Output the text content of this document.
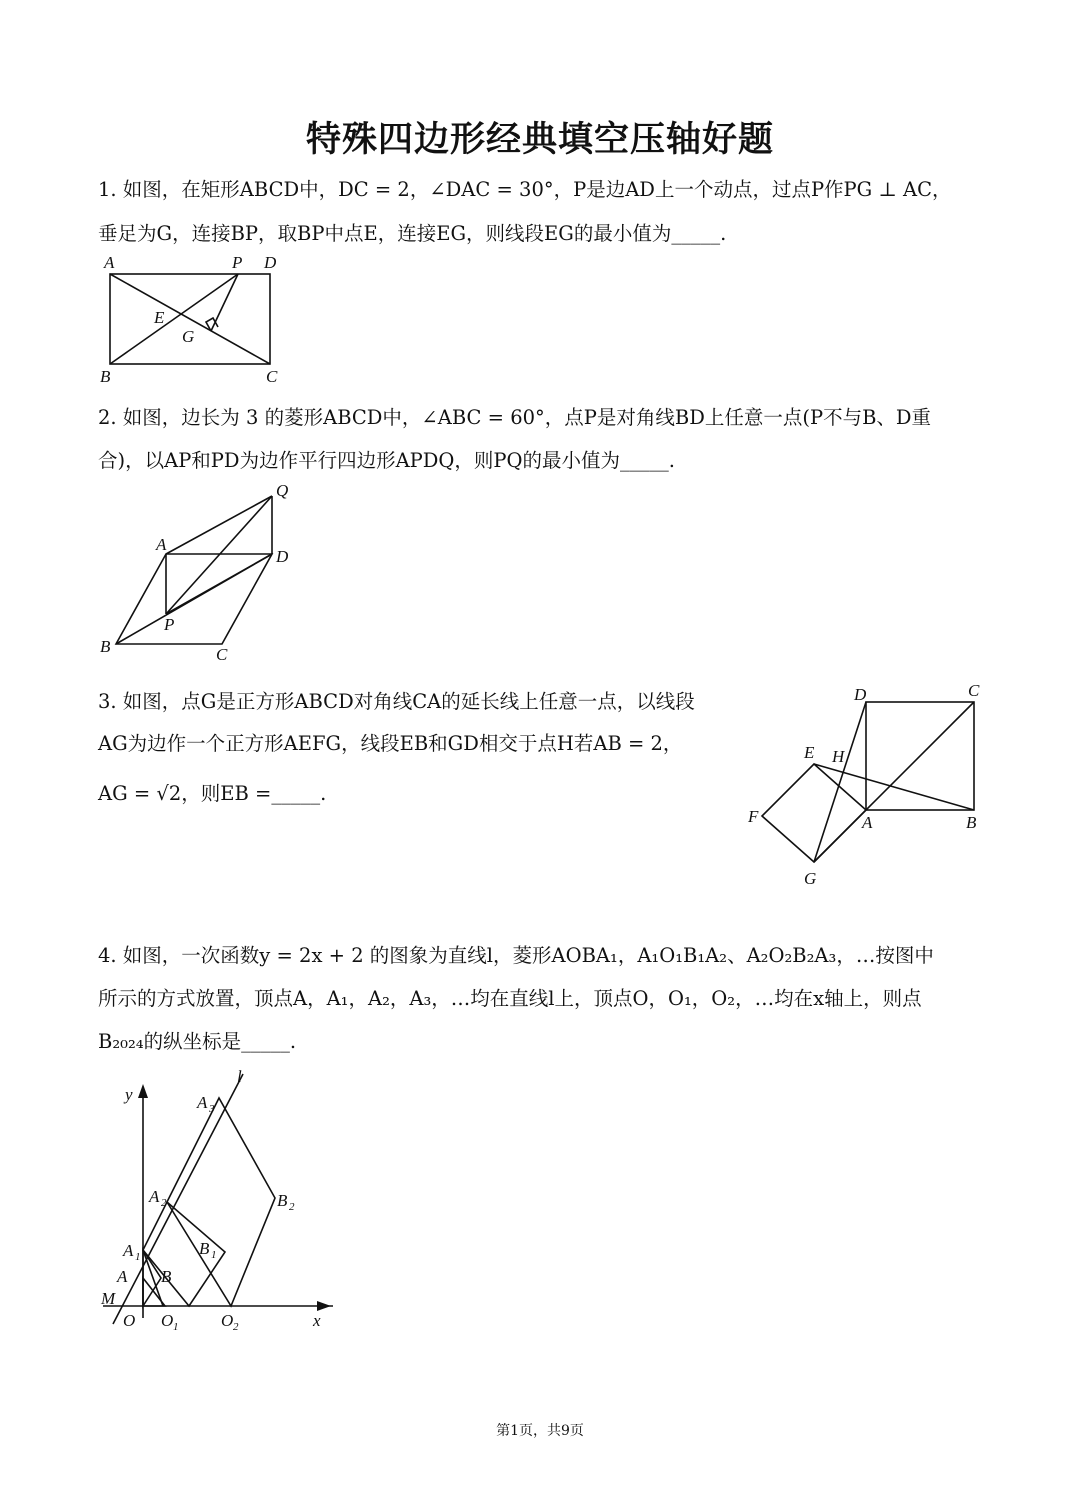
特殊四边形经典填空压轴好题
1. 如图，在矩形ABCD中，DC = 2，∠DAC = 30°，P是边AD上一个动点，过点P作PG ⊥ AC，
垂足为G，连接BP，取BP中点E，连接EG，则线段EG的最小值为_____.
A	P D
E
G
B	C
2. 如图，边长为 3 的菱形ABCD中，∠ABC = 60°，点P是对角线BD上任意一点(P不与B、D重
合)，以AP和PD为边作平行四边形APDQ，则PQ的最小值为_____.
Q
A
D
P
B	C
3. 如图，点G是正方形ABCD对角线CA的延长线上任意一点，以线段
AG为边作一个正方形AEFG，线段EB和GD相交于点H若AB = 2，
AG = √2，则EB =_____.
D	C
E H
F	A	B
G
4. 如图，一次函数y = 2x + 2 的图象为直线l，菱形AOBA₁，A₁O₁B₁A₂、A₂O₂B₂A₃，…按图中
所示的方式放置，顶点A，A₁，A₂，A₃，…均在直线l上，顶点O，O₁，O₂，…均在x轴上，则点
B₂₀₂₄的纵坐标是_____.
l
y	A 3
A 2	B 2
A 1	B 1
A B
M
O O 1	O 2	x
第1页，共9页
